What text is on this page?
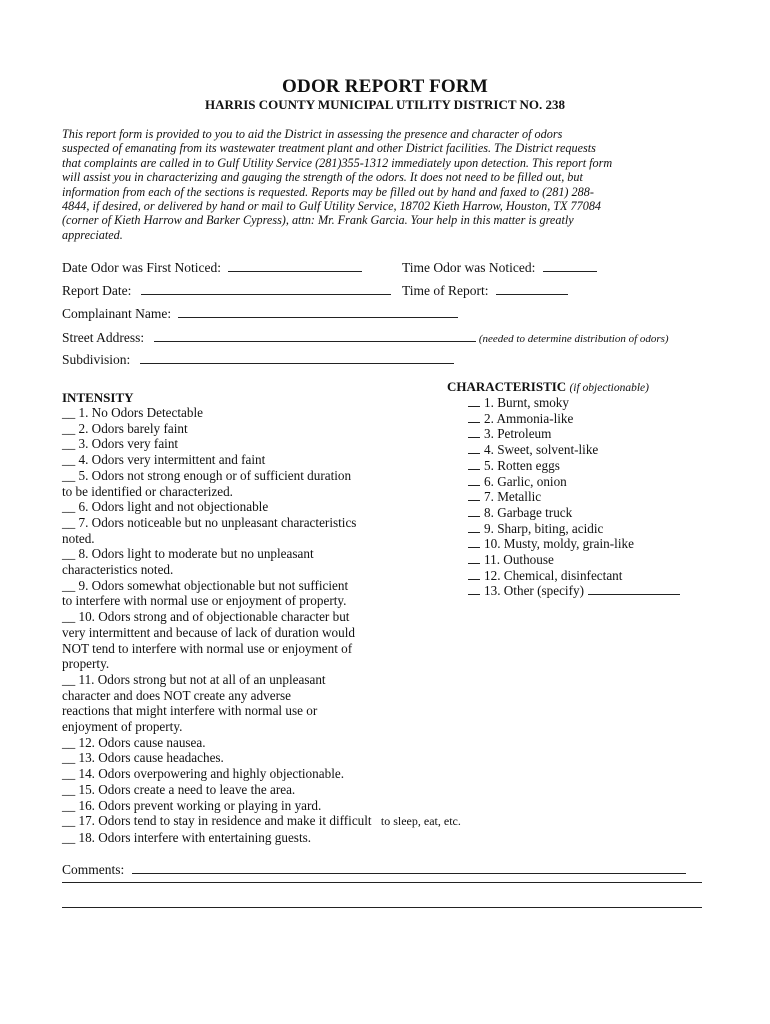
ODOR REPORT FORM
HARRIS COUNTY MUNICIPAL UTILITY DISTRICT NO. 238
This report form is provided to you to aid the District in assessing the presence and character of odors
suspected of emanating from its wastewater treatment plant and other District facilities. The District requests
that complaints are called in to Gulf Utility Service (281)355-1312 immediately upon detection. This report form
will assist you in characterizing and gauging the strength of the odors. It does not need to be filled out, but
information from each of the sections is requested. Reports may be filled out by hand and faxed to (281) 288-
4844, if desired, or delivered by hand or mail to Gulf Utility Service, 18702 Kieth Harrow, Houston, TX 77084
(corner of Kieth Harrow and Barker Cypress), attn: Mr. Frank Garcia. Your help in this matter is greatly
appreciated.
Date Odor was First Noticed:	Time Odor was Noticed:
Report Date:	Time of Report:
Complainant Name:
Street Address:	(needed to determine distribution of odors)
Subdivision:
INTENSITY
__ 1. No Odors Detectable
__ 2. Odors barely faint
__ 3. Odors very faint
__ 4. Odors very intermittent and faint
__ 5. Odors not strong enough or of sufficient duration
to be identified or characterized.
__ 6. Odors light and not objectionable
__ 7. Odors noticeable but no unpleasant characteristics
noted.
__ 8. Odors light to moderate but no unpleasant
characteristics noted.
__ 9. Odors somewhat objectionable but not sufficient
to interfere with normal use or enjoyment of property.
__ 10. Odors strong and of objectionable character but
very intermittent and because of lack of duration would
NOT tend to interfere with normal use or enjoyment of
property.
__ 11. Odors strong but not at all of an unpleasant
character and does NOT create any adverse
reactions that might interfere with normal use or
enjoyment of property.
__ 12. Odors cause nausea.
__ 13. Odors cause headaches.
__ 14. Odors overpowering and highly objectionable.
__ 15. Odors create a need to leave the area.
__ 16. Odors prevent working or playing in yard.
__ 17. Odors tend to stay in residence and make it difficult to sleep, eat, etc.
__ 18. Odors interfere with entertaining guests.
CHARACTERISTIC (if objectionable)
1. Burnt, smoky
2. Ammonia-like
3. Petroleum
4. Sweet, solvent-like
5. Rotten eggs
6. Garlic, onion
7. Metallic
8. Garbage truck
9. Sharp, biting, acidic
10. Musty, moldy, grain-like
11. Outhouse
12. Chemical, disinfectant
13. Other (specify)
Comments:
